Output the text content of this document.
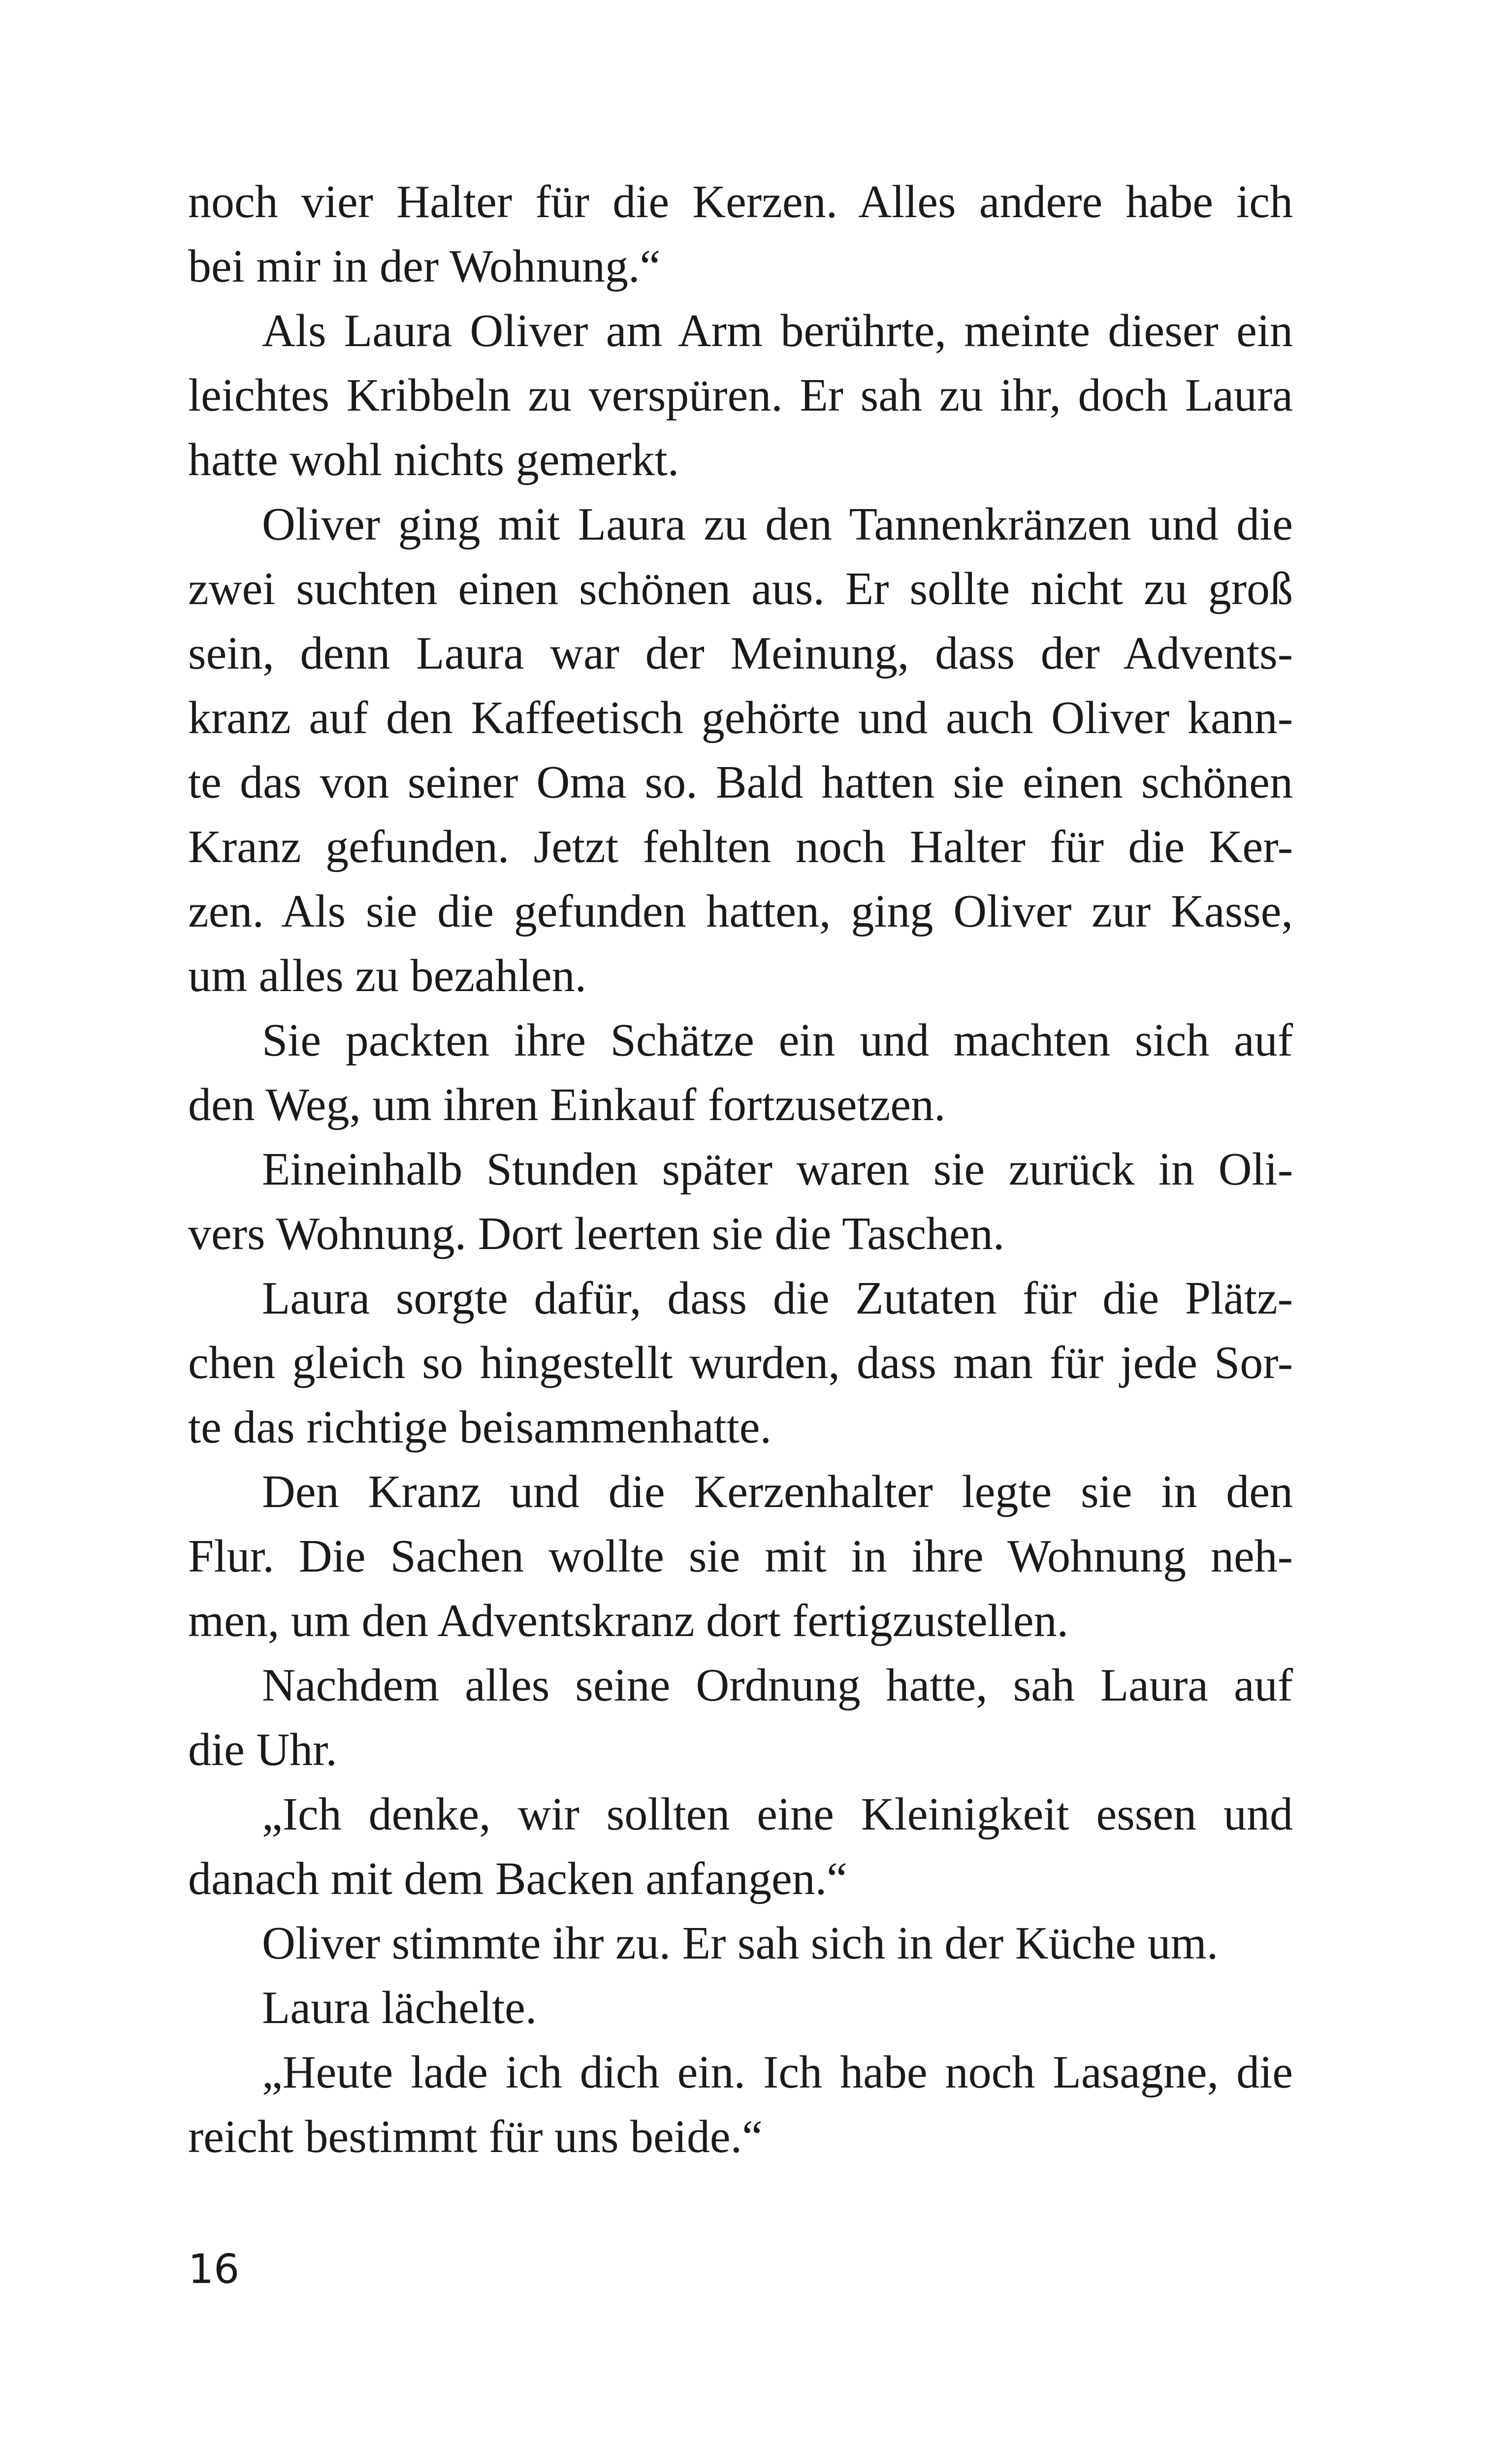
noch vier Halter für die Kerzen. Alles andere habe ich
bei mir in der Wohnung.“
Als Laura Oliver am Arm berührte, meinte dieser ein
leichtes Kribbeln zu verspüren. Er sah zu ihr, doch Laura
hatte wohl nichts gemerkt.
Oliver ging mit Laura zu den Tannenkränzen und die
zwei suchten einen schönen aus. Er sollte nicht zu groß
sein, denn Laura war der Meinung, dass der Advents-
kranz auf den Kaffeetisch gehörte und auch Oliver kann-
te das von seiner Oma so. Bald hatten sie einen schönen
Kranz gefunden. Jetzt fehlten noch Halter für die Ker-
zen. Als sie die gefunden hatten, ging Oliver zur Kasse,
um alles zu bezahlen.
Sie packten ihre Schätze ein und machten sich auf
den Weg, um ihren Einkauf fortzusetzen.
Eineinhalb Stunden später waren sie zurück in Oli-
vers Wohnung. Dort leerten sie die Taschen.
Laura sorgte dafür, dass die Zutaten für die Plätz-
chen gleich so hingestellt wurden, dass man für jede Sor-
te das richtige beisammenhatte.
Den Kranz und die Kerzenhalter legte sie in den
Flur. Die Sachen wollte sie mit in ihre Wohnung neh-
men, um den Adventskranz dort fertigzustellen.
Nachdem alles seine Ordnung hatte, sah Laura auf
die Uhr.
„Ich denke, wir sollten eine Kleinigkeit essen und
danach mit dem Backen anfangen.“
Oliver stimmte ihr zu. Er sah sich in der Küche um.
Laura lächelte.
„Heute lade ich dich ein. Ich habe noch Lasagne, die
reicht bestimmt für uns beide.“
16
